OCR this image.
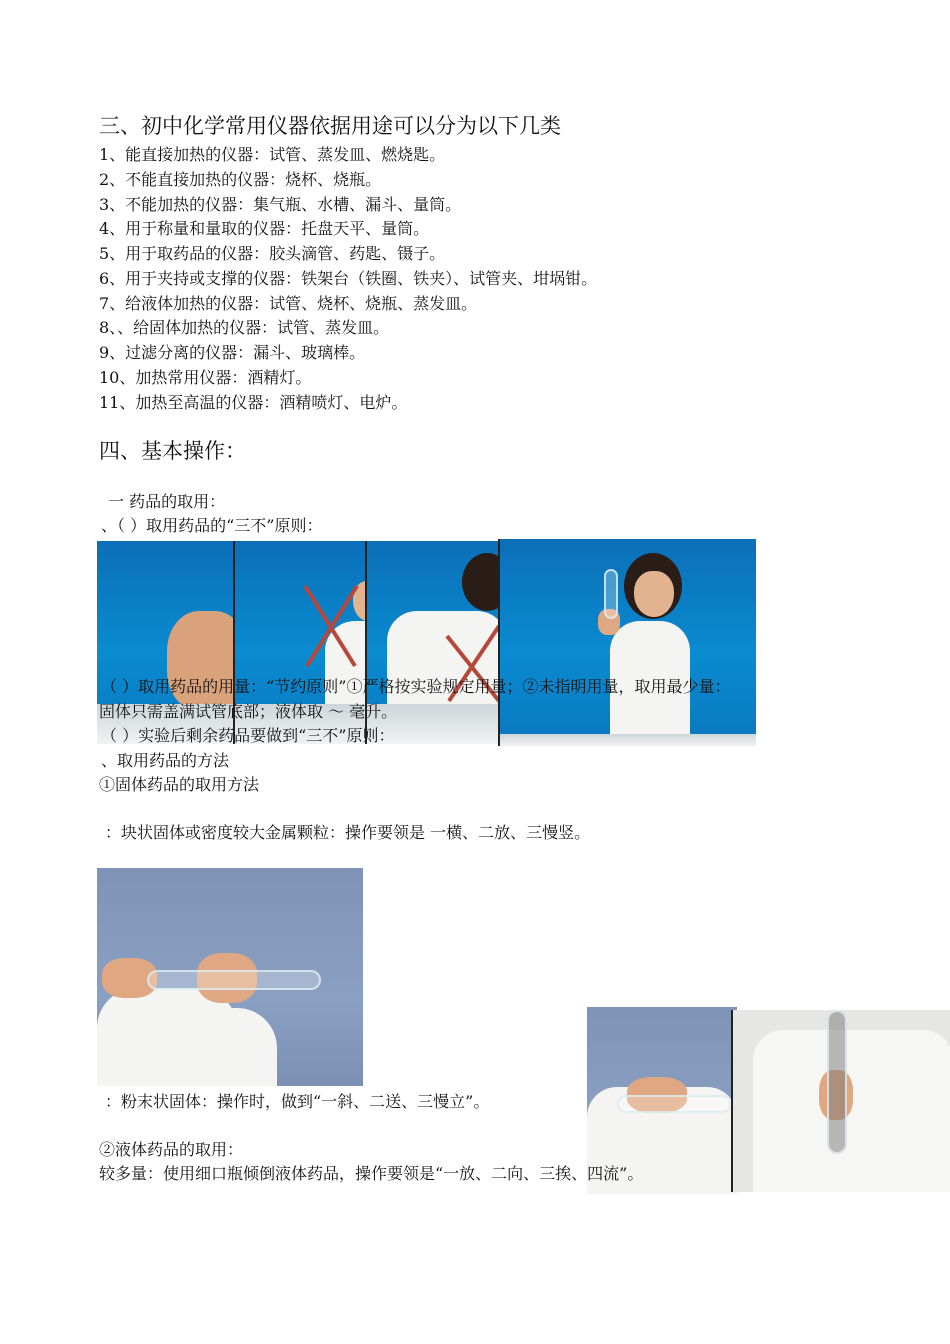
三、初中化学常用仪器依据用途可以分为以下几类
1、能直接加热的仪器：试管、蒸发皿、燃烧匙。
2、不能直接加热的仪器：烧杯、烧瓶。
3、不能加热的仪器：集气瓶、水槽、漏斗、量筒。
4、用于称量和量取的仪器：托盘天平、量筒。
5、用于取药品的仪器：胶头滴管、药匙、镊子。
6、用于夹持或支撑的仪器：铁架台（铁圈、铁夹）、试管夹、坩埚钳。
7、给液体加热的仪器：试管、烧杯、烧瓶、蒸发皿。
8、、给固体加热的仪器：试管、蒸发皿。
9、过滤分离的仪器：漏斗、玻璃棒。
10、加热常用仪器：酒精灯。
11、加热至高温的仪器：酒精喷灯、电炉。
四、基本操作：
一 药品的取用：
、（ ）取用药品的“三不”原则：
（ ）取用药品的用量：“节约原则”①严格按实验规定用量；②未指明用量，取用最少量：
固体只需盖满试管底部；液体取 ～ 毫升。
（ ）实验后剩余药品要做到“三不”原则：
、取用药品的方法
①固体药品的取用方法
：块状固体或密度较大金属颗粒：操作要领是 一横、二放、三慢竖。
：粉末状固体：操作时，做到“一斜、二送、三慢立”。
②液体药品的取用：
较多量：使用细口瓶倾倒液体药品，操作要领是“一放、二向、三挨、四流”。
